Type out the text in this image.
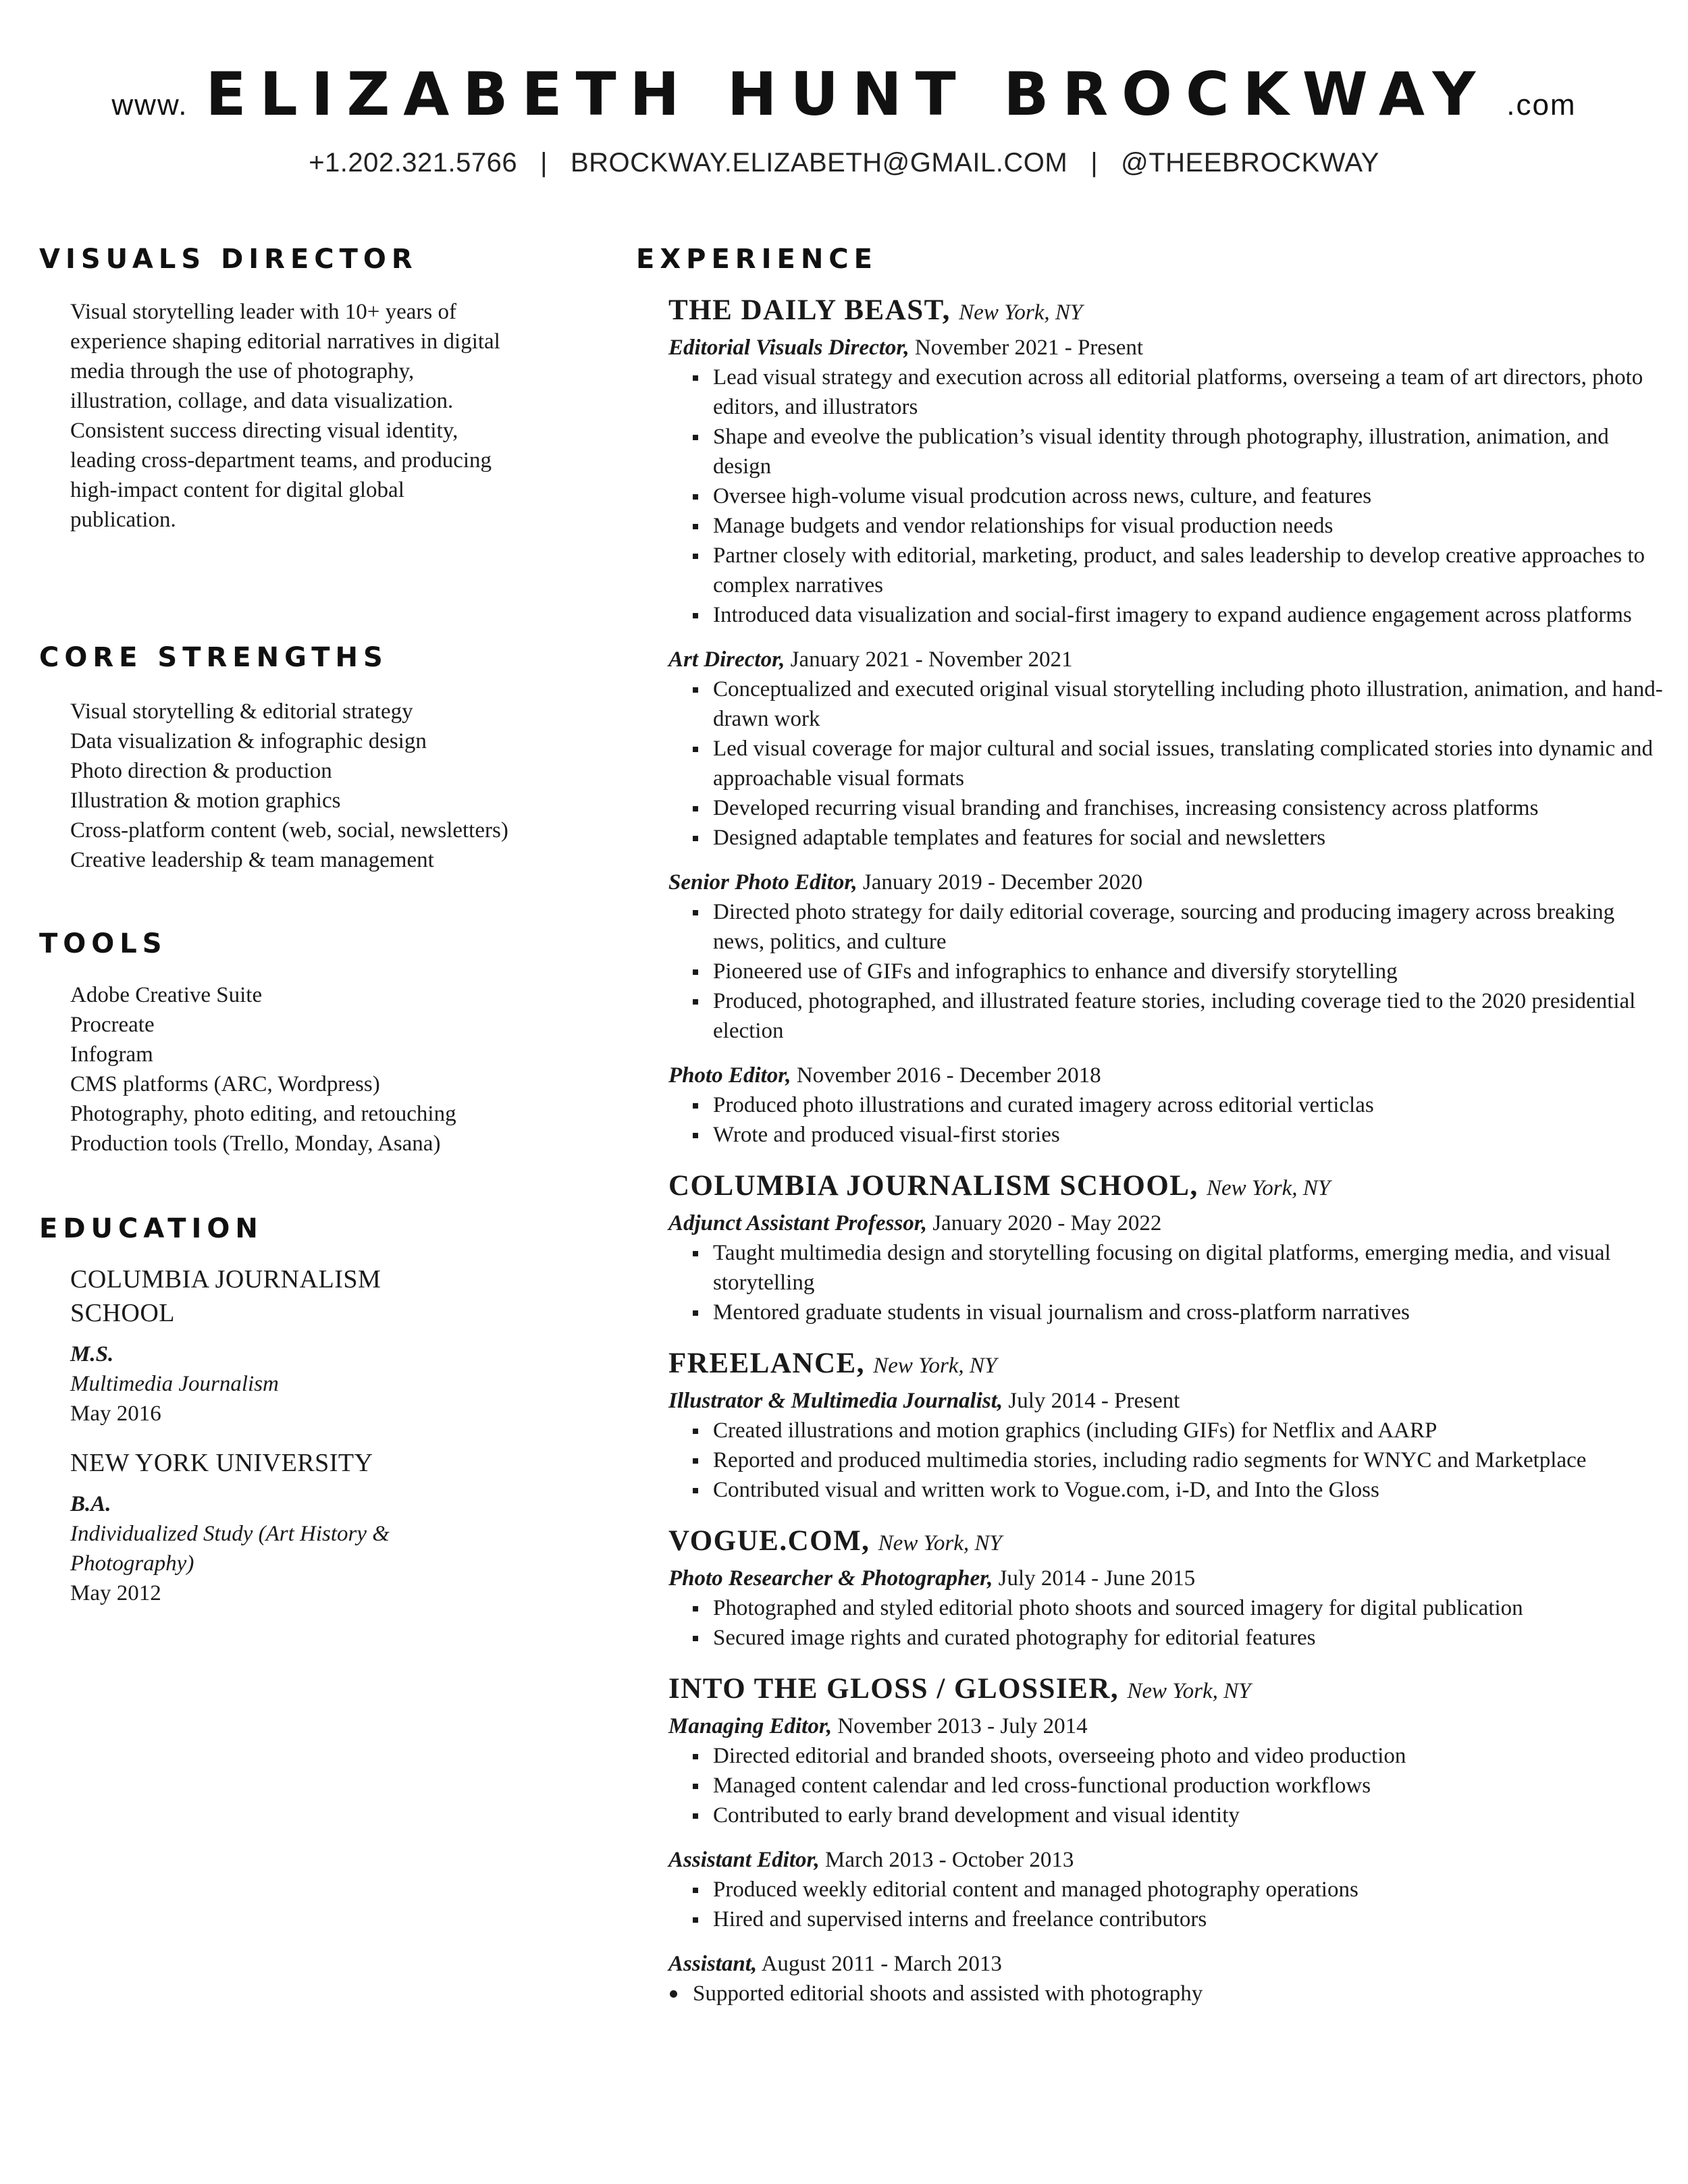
www. ELIZABETH HUNT BROCKWAY .com
+1.202.321.5766 | BROCKWAY.ELIZABETH@GMAIL.COM | @THEEBROCKWAY
VISUALS DIRECTOR
Visual storytelling leader with 10+ years of
experience shaping editorial narratives in digital
media through the use of photography,
illustration, collage, and data visualization.
Consistent success directing visual identity,
leading cross-department teams, and producing
high-impact content for digital global
publication.
CORE STRENGTHS
Visual storytelling & editorial strategy
Data visualization & infographic design
Photo direction & production
Illustration & motion graphics
Cross-platform content (web, social, newsletters)
Creative leadership & team management
TOOLS
Adobe Creative Suite
Procreate
Infogram
CMS platforms (ARC, Wordpress)
Photography, photo editing, and retouching
Production tools (Trello, Monday, Asana)
EDUCATION
COLUMBIA JOURNALISM
SCHOOL
M.S.
Multimedia Journalism
May 2016
NEW YORK UNIVERSITY
B.A.
Individualized Study (Art History &
Photography)
May 2012
EXPERIENCE
THE DAILY BEAST, New York, NY
Editorial Visuals Director, November 2021 - Present
Lead visual strategy and execution across all editorial platforms, overseing a team of art directors, photo editors, and illustrators
Shape and eveolve the publication’s visual identity through photography, illustration, animation, and design
Oversee high-volume visual prodcution across news, culture, and features
Manage budgets and vendor relationships for visual production needs
Partner closely with editorial, marketing, product, and sales leadership to develop creative approaches to complex narratives
Introduced data visualization and social-first imagery to expand audience engagement across platforms
Art Director, January 2021 - November 2021
Conceptualized and executed original visual storytelling including photo illustration, animation, and hand-drawn work
Led visual coverage for major cultural and social issues, translating complicated stories into dynamic and approachable visual formats
Developed recurring visual branding and franchises, increasing consistency across platforms
Designed adaptable templates and features for social and newsletters
Senior Photo Editor, January 2019 - December 2020
Directed photo strategy for daily editorial coverage, sourcing and producing imagery across breaking news, politics, and culture
Pioneered use of GIFs and infographics to enhance and diversify storytelling
Produced, photographed, and illustrated feature stories, including coverage tied to the 2020 presidential election
Photo Editor, November 2016 - December 2018
Produced photo illustrations and curated imagery across editorial verticlas
Wrote and produced visual-first stories
COLUMBIA JOURNALISM SCHOOL, New York, NY
Adjunct Assistant Professor, January 2020 - May 2022
Taught multimedia design and storytelling focusing on digital platforms, emerging media, and visual storytelling
Mentored graduate students in visual journalism and cross-platform narratives
FREELANCE, New York, NY
Illustrator & Multimedia Journalist, July 2014 - Present
Created illustrations and motion graphics (including GIFs) for Netflix and AARP
Reported and produced multimedia stories, including radio segments for WNYC and Marketplace
Contributed visual and written work to Vogue.com, i-D, and Into the Gloss
VOGUE.COM, New York, NY
Photo Researcher & Photographer, July 2014 - June 2015
Photographed and styled editorial photo shoots and sourced imagery for digital publication
Secured image rights and curated photography for editorial features
INTO THE GLOSS / GLOSSIER, New York, NY
Managing Editor, November 2013 - July 2014
Directed editorial and branded shoots, overseeing photo and video production
Managed content calendar and led cross-functional production workflows
Contributed to early brand development and visual identity
Assistant Editor, March 2013 - October 2013
Produced weekly editorial content and managed photography operations
Hired and supervised interns and freelance contributors
Assistant, August 2011 - March 2013
Supported editorial shoots and assisted with photography
